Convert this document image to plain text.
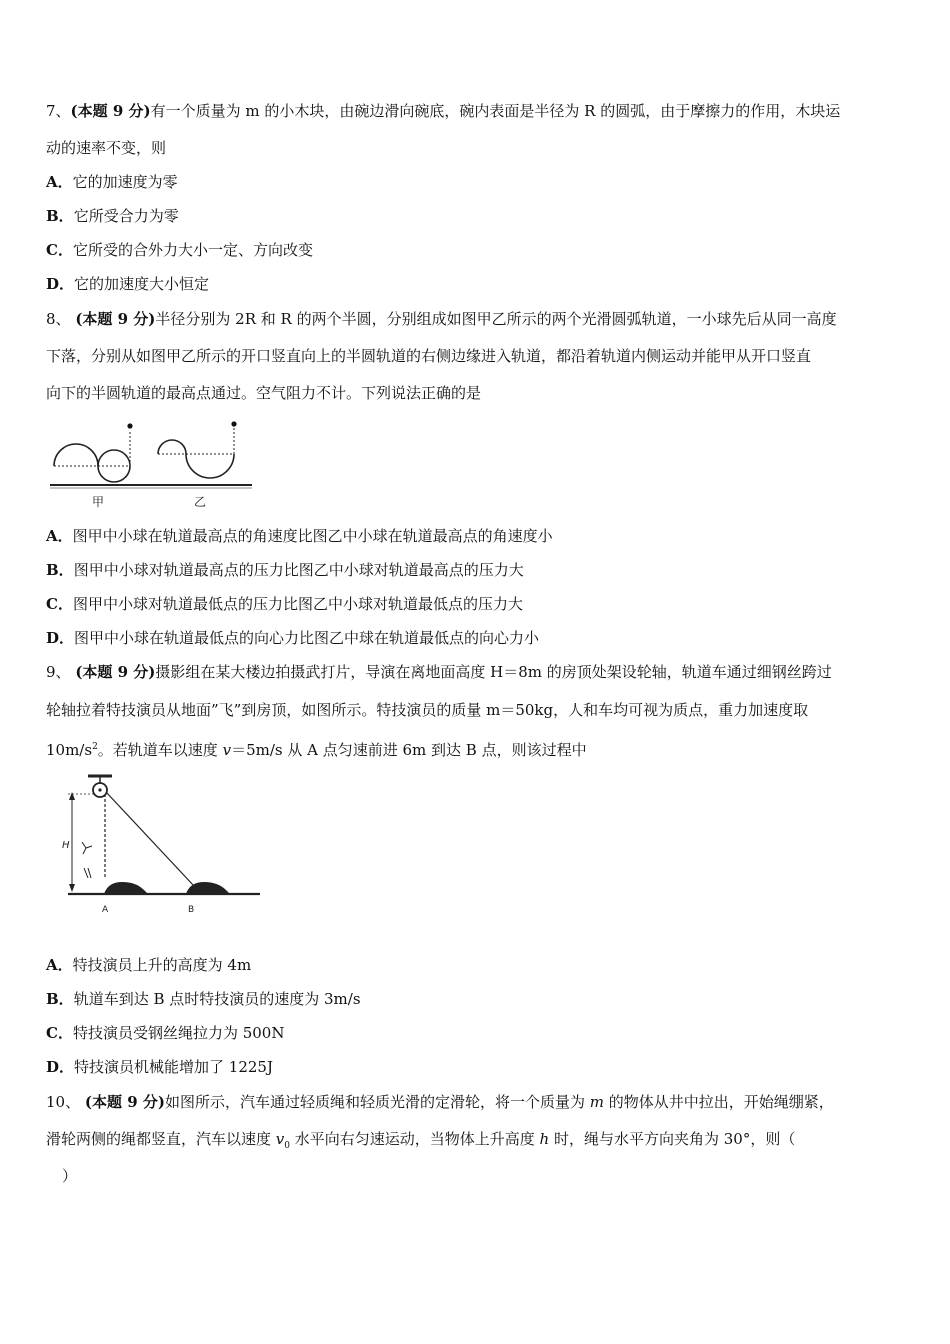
7、(本题 9 分)有一个质量为 m 的小木块，由碗边滑向碗底，碗内表面是半径为 R 的圆弧，由于摩擦力的作用，木块运
动的速率不变，则
A．它的加速度为零
B．它所受合力为零
C．它所受的合外力大小一定、方向改变
D．它的加速度大小恒定
8、 (本题 9 分)半径分别为 2R 和 R 的两个半圆，分别组成如图甲乙所示的两个光滑圆弧轨道，一小球先后从同一高度
下落，分别从如图甲乙所示的开口竖直向上的半圆轨道的右侧边缘进入轨道，都沿着轨道内侧运动并能甲从开口竖直
向下的半圆轨道的最高点通过。空气阻力不计。下列说法正确的是
甲	乙
A．图甲中小球在轨道最高点的角速度比图乙中小球在轨道最高点的角速度小
B．图甲中小球对轨道最高点的压力比图乙中小球对轨道最高点的压力大
C．图甲中小球对轨道最低点的压力比图乙中小球对轨道最低点的压力大
D．图甲中小球在轨道最低点的向心力比图乙中球在轨道最低点的向心力小
9、 (本题 9 分)摄影组在某大楼边拍摄武打片，导演在离地面高度 H＝8m 的房顶处架设轮轴，轨道车通过细钢丝跨过
轮轴拉着特技演员从地面”飞”到房顶，如图所示。特技演员的质量 m＝50kg，人和车均可视为质点，重力加速度取
$10m/s^2$。若轨道车以速度 v＝5m/s 从 A 点匀速前进 6m 到达 B 点，则该过程中
H
A	B
A．特技演员上升的高度为 4m
B．轨道车到达 B 点时特技演员的速度为 3m/s
C．特技演员受钢丝绳拉力为 500N
D．特技演员机械能增加了 1225J
10、 (本题 9 分)如图所示，汽车通过轻质绳和轻质光滑的定滑轮，将一个质量为 m 的物体从井中拉出，开始绳绷紧，
滑轮两侧的绳都竖直，汽车以速度 $v_0$ 水平向右匀速运动，当物体上升高度 h 时，绳与水平方向夹角为 30°，则（
）
